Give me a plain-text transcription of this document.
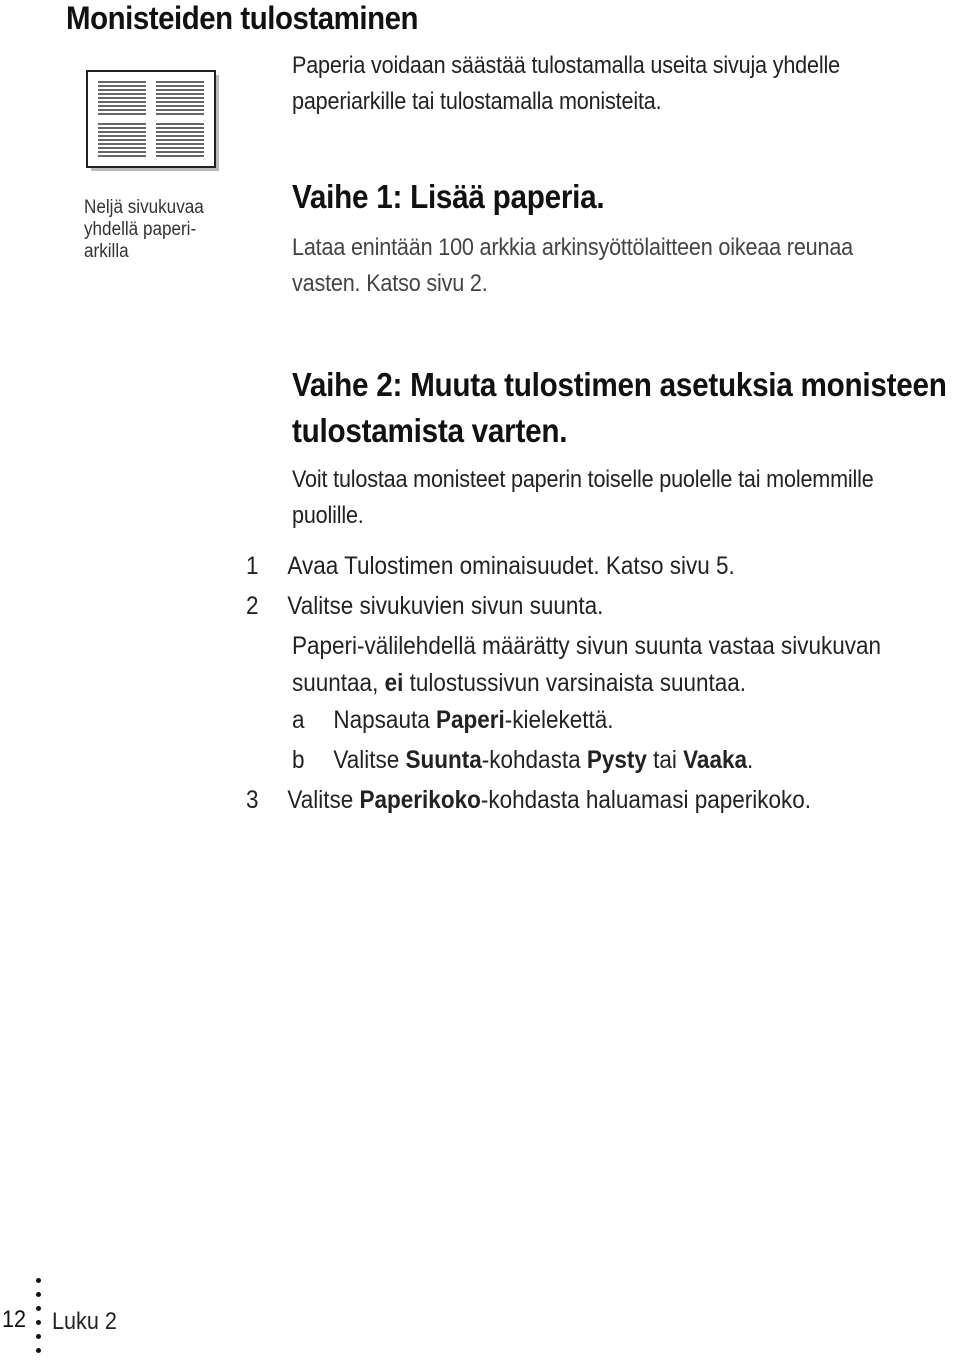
Monisteiden tulostaminen
Paperia voidaan säästää tulostamalla useita sivuja yhdelle
paperiarkille tai tulostamalla monisteita.
Neljä sivukuvaa
yhdellä paperi-
arkilla
Vaihe 1: Lisää paperia.
Lataa enintään 100 arkkia arkinsyöttölaitteen oikeaa reunaa
vasten. Katso sivu 2.
Vaihe 2: Muuta tulostimen asetuksia monisteen
tulostamista varten.
Voit tulostaa monisteet paperin toiselle puolelle tai molemmille
puolille.
1 Avaa Tulostimen ominaisuudet. Katso sivu 5.
2 Valitse sivukuvien sivun suunta.
Paperi-välilehdellä määrätty sivun suunta vastaa sivukuvan
suuntaa, ei tulostussivun varsinaista suuntaa.
a Napsauta Paperi-kielekettä.
b Valitse Suunta-kohdasta Pysty tai Vaaka.
3 Valitse Paperikoko-kohdasta haluamasi paperikoko.
12 Luku 2
